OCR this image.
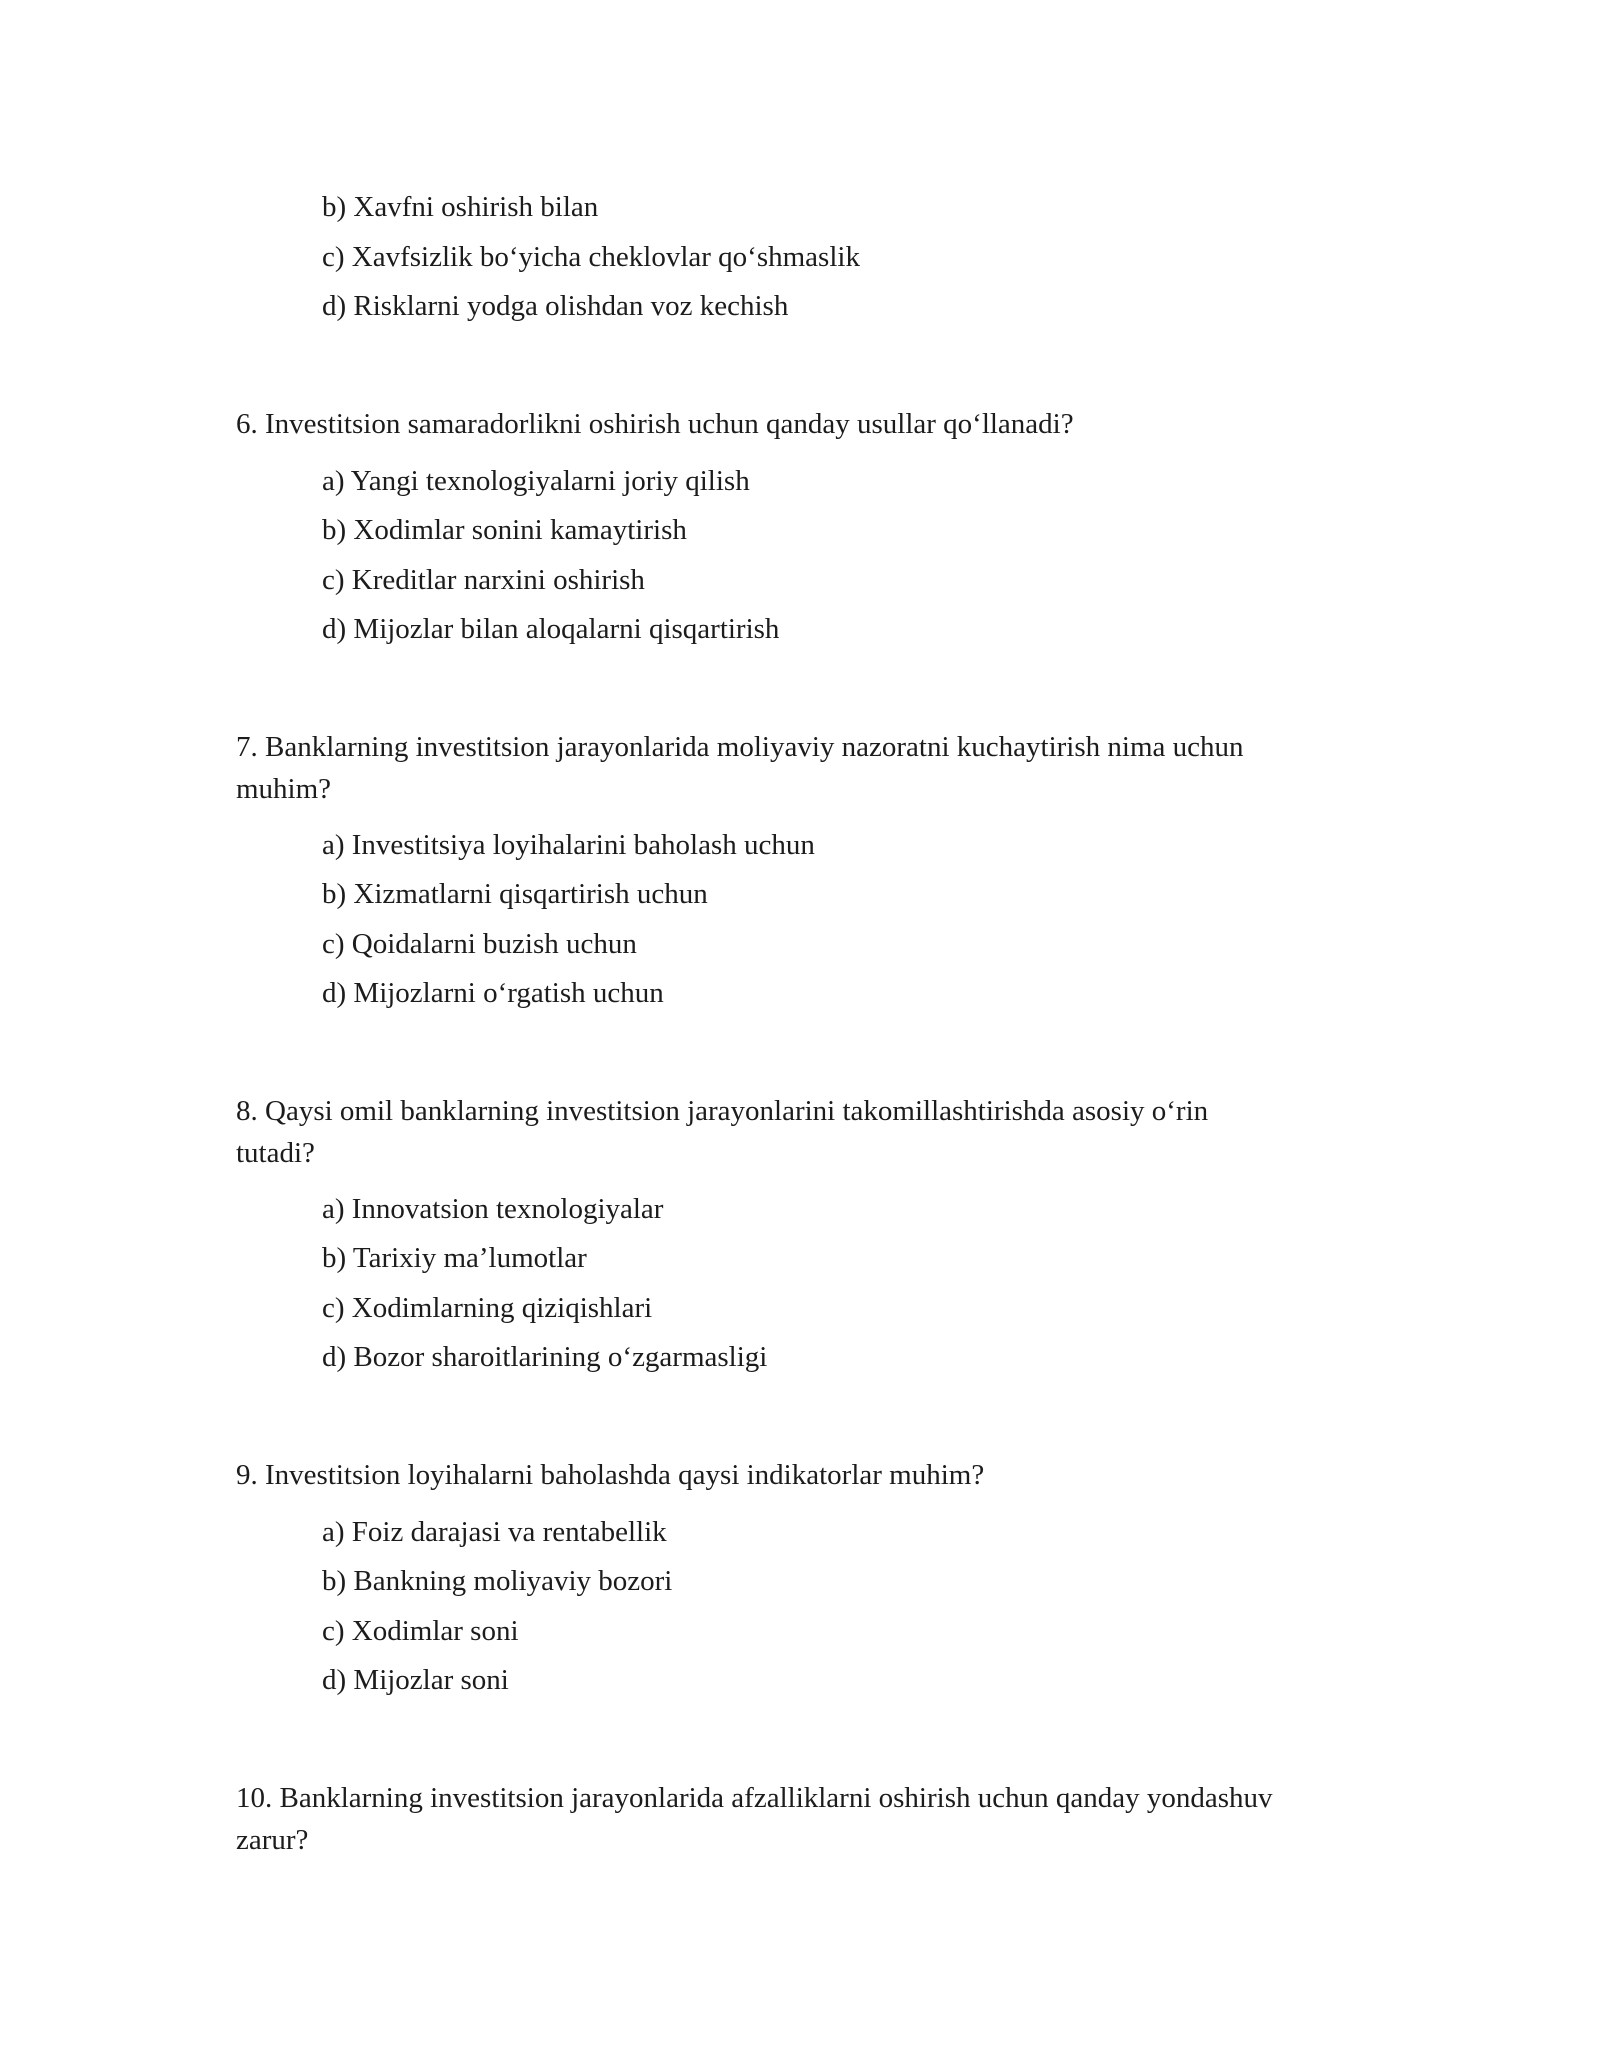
b) Xavfni oshirish bilan

c) Xavfsizlik bo‘yicha cheklovlar qo‘shmaslik

d) Risklarni yodga olishdan voz kechish

6. Investitsion samaradorlikni oshirish uchun qanday usullar qo‘llanadi?

a) Yangi texnologiyalarni joriy qilish

b) Xodimlar sonini kamaytirish

c) Kreditlar narxini oshirish

d) Mijozlar bilan aloqalarni qisqartirish

7. Banklarning investitsion jarayonlarida moliyaviy nazoratni kuchaytirish nima uchun

muhim?

a) Investitsiya loyihalarini baholash uchun

b) Xizmatlarni qisqartirish uchun

c) Qoidalarni buzish uchun

d) Mijozlarni o‘rgatish uchun

8. Qaysi omil banklarning investitsion jarayonlarini takomillashtirishda asosiy o‘rin

tutadi?

a) Innovatsion texnologiyalar

b) Tarixiy ma’lumotlar

c) Xodimlarning qiziqishlari

d) Bozor sharoitlarining o‘zgarmasligi

9. Investitsion loyihalarni baholashda qaysi indikatorlar muhim?

a) Foiz darajasi va rentabellik

b) Bankning moliyaviy bozori

c) Xodimlar soni

d) Mijozlar soni

10. Banklarning investitsion jarayonlarida afzalliklarni oshirish uchun qanday yondashuv

zarur?
